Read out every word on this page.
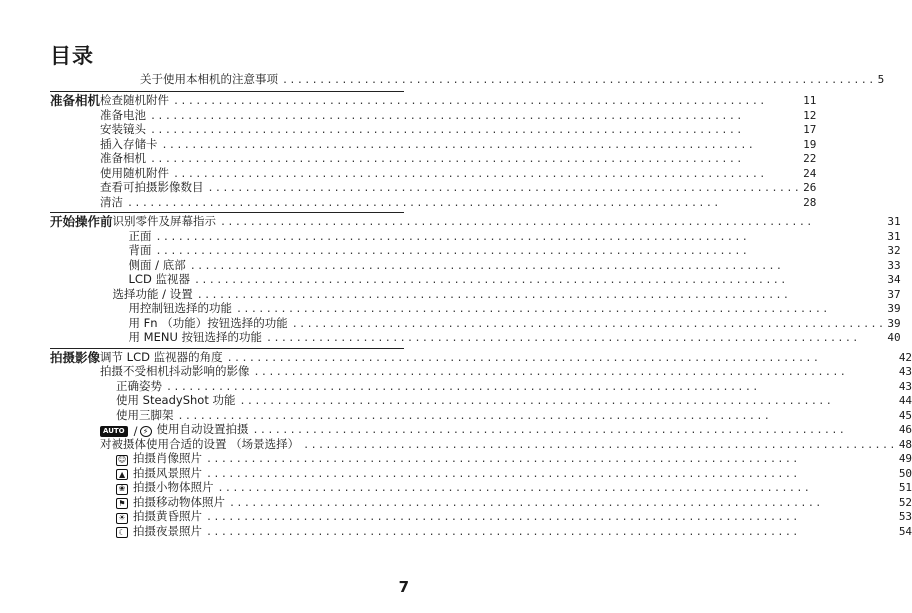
目录
关于使用本相机的注意事项 ................................................................................ 5
准备相机 检查随机附件 ................................................................................	11
准备电池 ................................................................................	12
安装镜头 ................................................................................	17
插入存储卡 ................................................................................	19
准备相机 ................................................................................	22
使用随机附件 ................................................................................	24
查看可拍摄影像数目 ................................................................................ 26
清洁 ................................................................................	28
开始操作前 识别零件及屏幕指示 ................................................................................	31
正面 ................................................................................	31
背面 ................................................................................	32
侧面 / 底部 ................................................................................	33
LCD 监视器 ................................................................................	34
选择功能 / 设置 ................................................................................	37
用控制钮选择的功能 ................................................................................	39
用 Fn （功能）按钮选择的功能 ................................................................................ 39
用 MENU 按钮选择的功能 ................................................................................	40
拍摄影像 调节 LCD 监视器的角度 ................................................................................	42
拍摄不受相机抖动影响的影像 ................................................................................	43
正确姿势 ................................................................................	43
使用 SteadyShot 功能 ................................................................................	44
使用三脚架 ................................................................................	45
AUTO / ⚡ 使用自动设置拍摄 ................................................................................	46
对被摄体使用合适的设置 （场景选择） ................................................................................ 48
☺ 拍摄肖像照片 ................................................................................	49
▲ 拍摄风景照片 ................................................................................	50
❀ 拍摄小物体照片 ................................................................................	51
⚑ 拍摄移动物体照片 ................................................................................	52
☀ 拍摄黄昏照片 ................................................................................	53
☾ 拍摄夜景照片 ................................................................................	54
7
